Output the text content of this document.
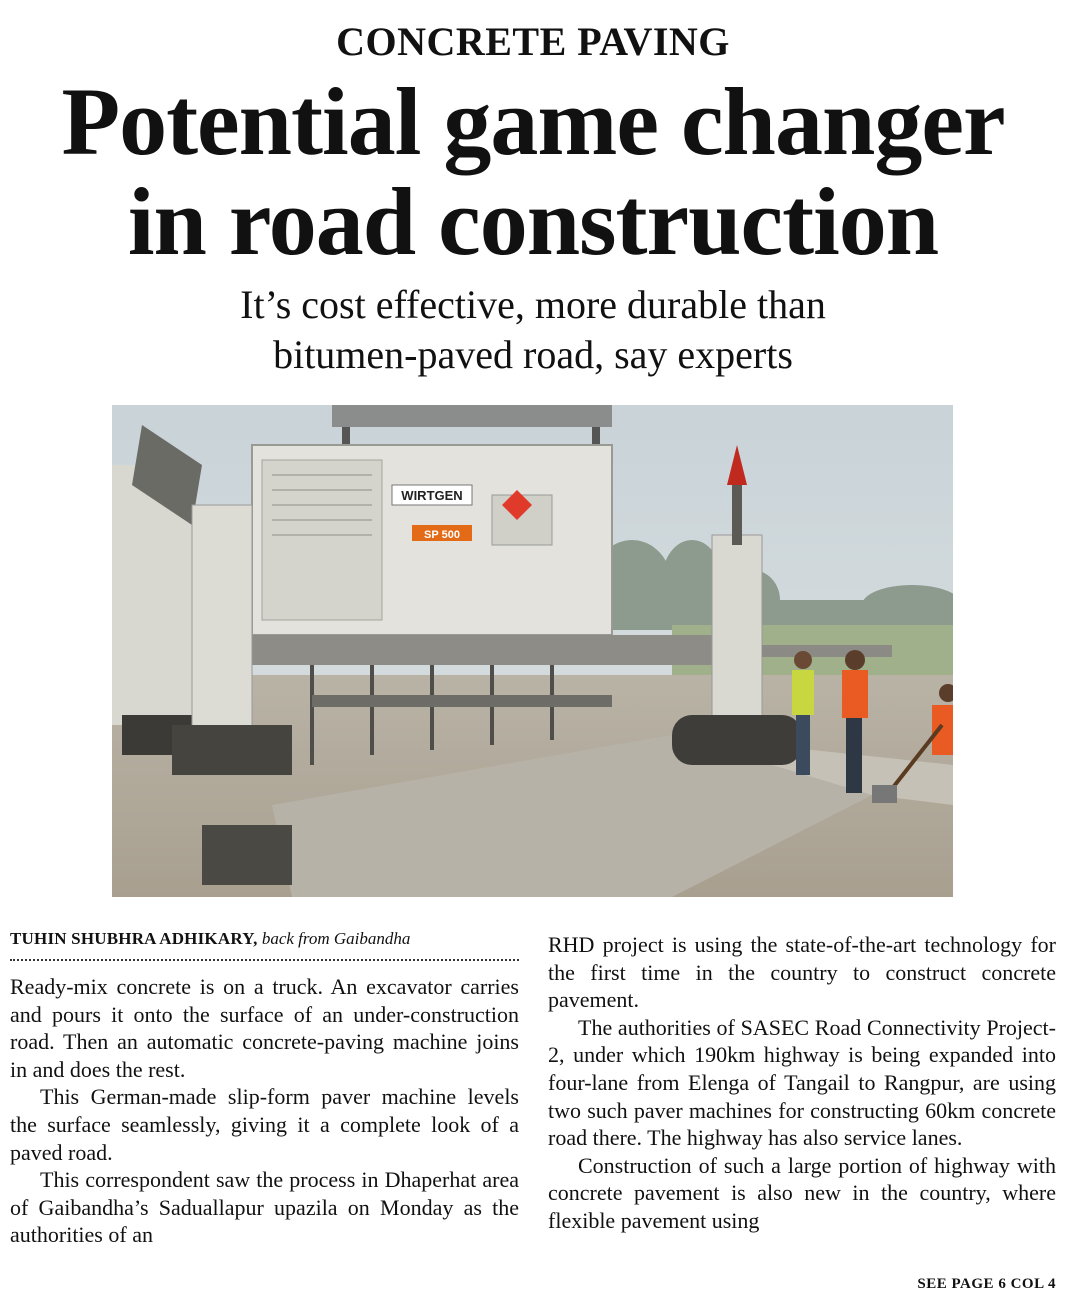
CONCRETE PAVING
Potential game changer
in road construction
It’s cost effective, more durable than
bitumen-paved road, say experts
WIRTGEN
SP 500
TUHIN SHUBHRA ADHIKARY, back from Gaibandha

Ready-mix concrete is on a truck. An excavator carries and pours it onto the surface of an under-construction road. Then an automatic concrete-paving machine joins in and does the rest.

This German-made slip-form paver machine levels the surface seamlessly, giving it a complete look of a paved road.

This correspondent saw the process in Dhaperhat area of Gaibandha’s Saduallapur upazila on Monday as the authorities of an

RHD project is using the state-of-the-art technology for the first time in the country to construct concrete pavement.

The authorities of SASEC Road Connectivity Project-2, under which 190km highway is being expanded into four-lane from Elenga of Tangail to Rangpur, are using two such paver machines for constructing 60km concrete road there. The highway has also service lanes.

Construction of such a large portion of highway with concrete pavement is also new in the country, where flexible pavement using

SEE PAGE 6 COL 4
